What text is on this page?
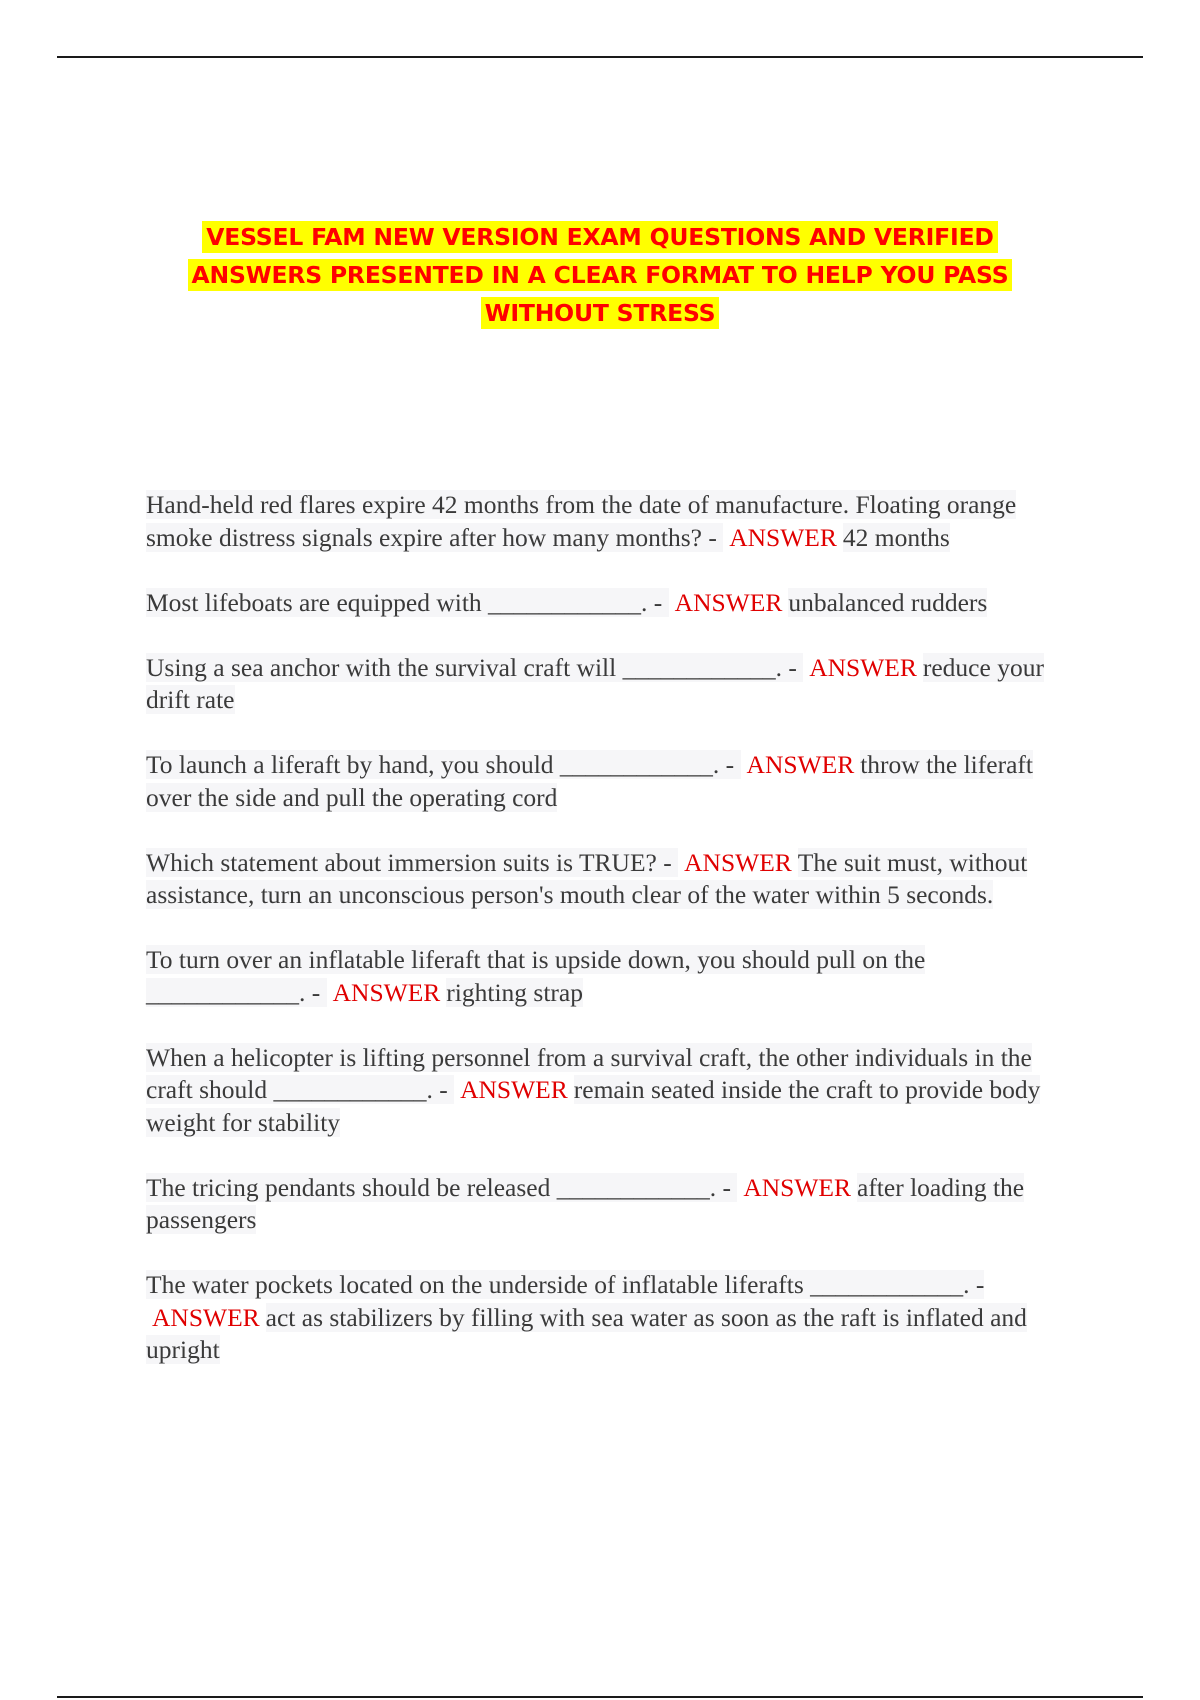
VESSEL FAM NEW VERSION EXAM QUESTIONS AND VERIFIED
ANSWERS PRESENTED IN A CLEAR FORMAT TO HELP YOU PASS
WITHOUT STRESS

Hand-held red flares expire 42 months from the date of manufacture. Floating orange smoke distress signals expire after how many months? - ANSWER 42 months

Most lifeboats are equipped with ____________. - ANSWER unbalanced rudders

Using a sea anchor with the survival craft will ____________. - ANSWER reduce your drift rate

To launch a liferaft by hand, you should ____________. - ANSWER throw the liferaft over the side and pull the operating cord

Which statement about immersion suits is TRUE? - ANSWER The suit must, without assistance, turn an unconscious person's mouth clear of the water within 5 seconds.

To turn over an inflatable liferaft that is upside down, you should pull on the ____________. - ANSWER righting strap

When a helicopter is lifting personnel from a survival craft, the other individuals in the craft should ____________. - ANSWER remain seated inside the craft to provide body weight for stability

The tricing pendants should be released ____________. - ANSWER after loading the passengers

The water pockets located on the underside of inflatable liferafts ____________. - ANSWER act as stabilizers by filling with sea water as soon as the raft is inflated and upright
